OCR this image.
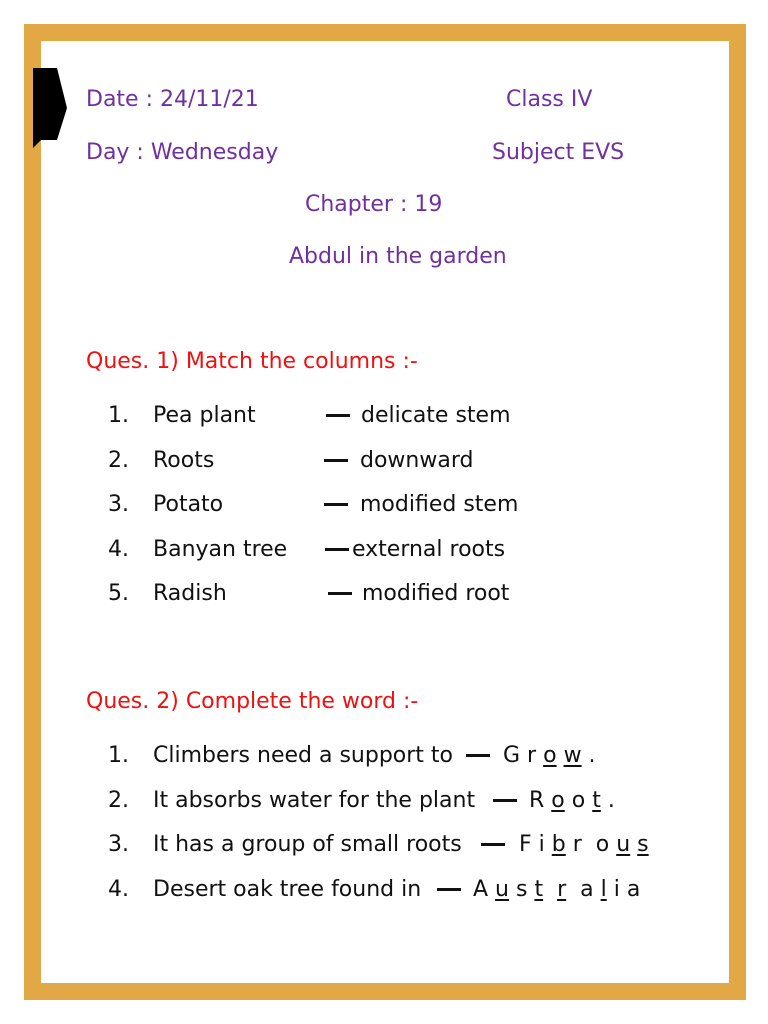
Date : 24/11/21	Class IV
Day : Wednesday	Subject EVS
Chapter : 19
Abdul in the garden
Ques. 1) Match the columns :-
1. Pea plant	delicate stem
2. Roots	downward
3. Potato	modified stem
4. Banyan tree	external roots
5. Radish	modified root
Ques. 2) Complete the word :-
1. Climbers need a support to G r o w .
2. It absorbs water for the plant R o o t .
3. It has a group of small roots	F i b r  o u s
4. Desert oak tree found in A u s t r  a l i a
